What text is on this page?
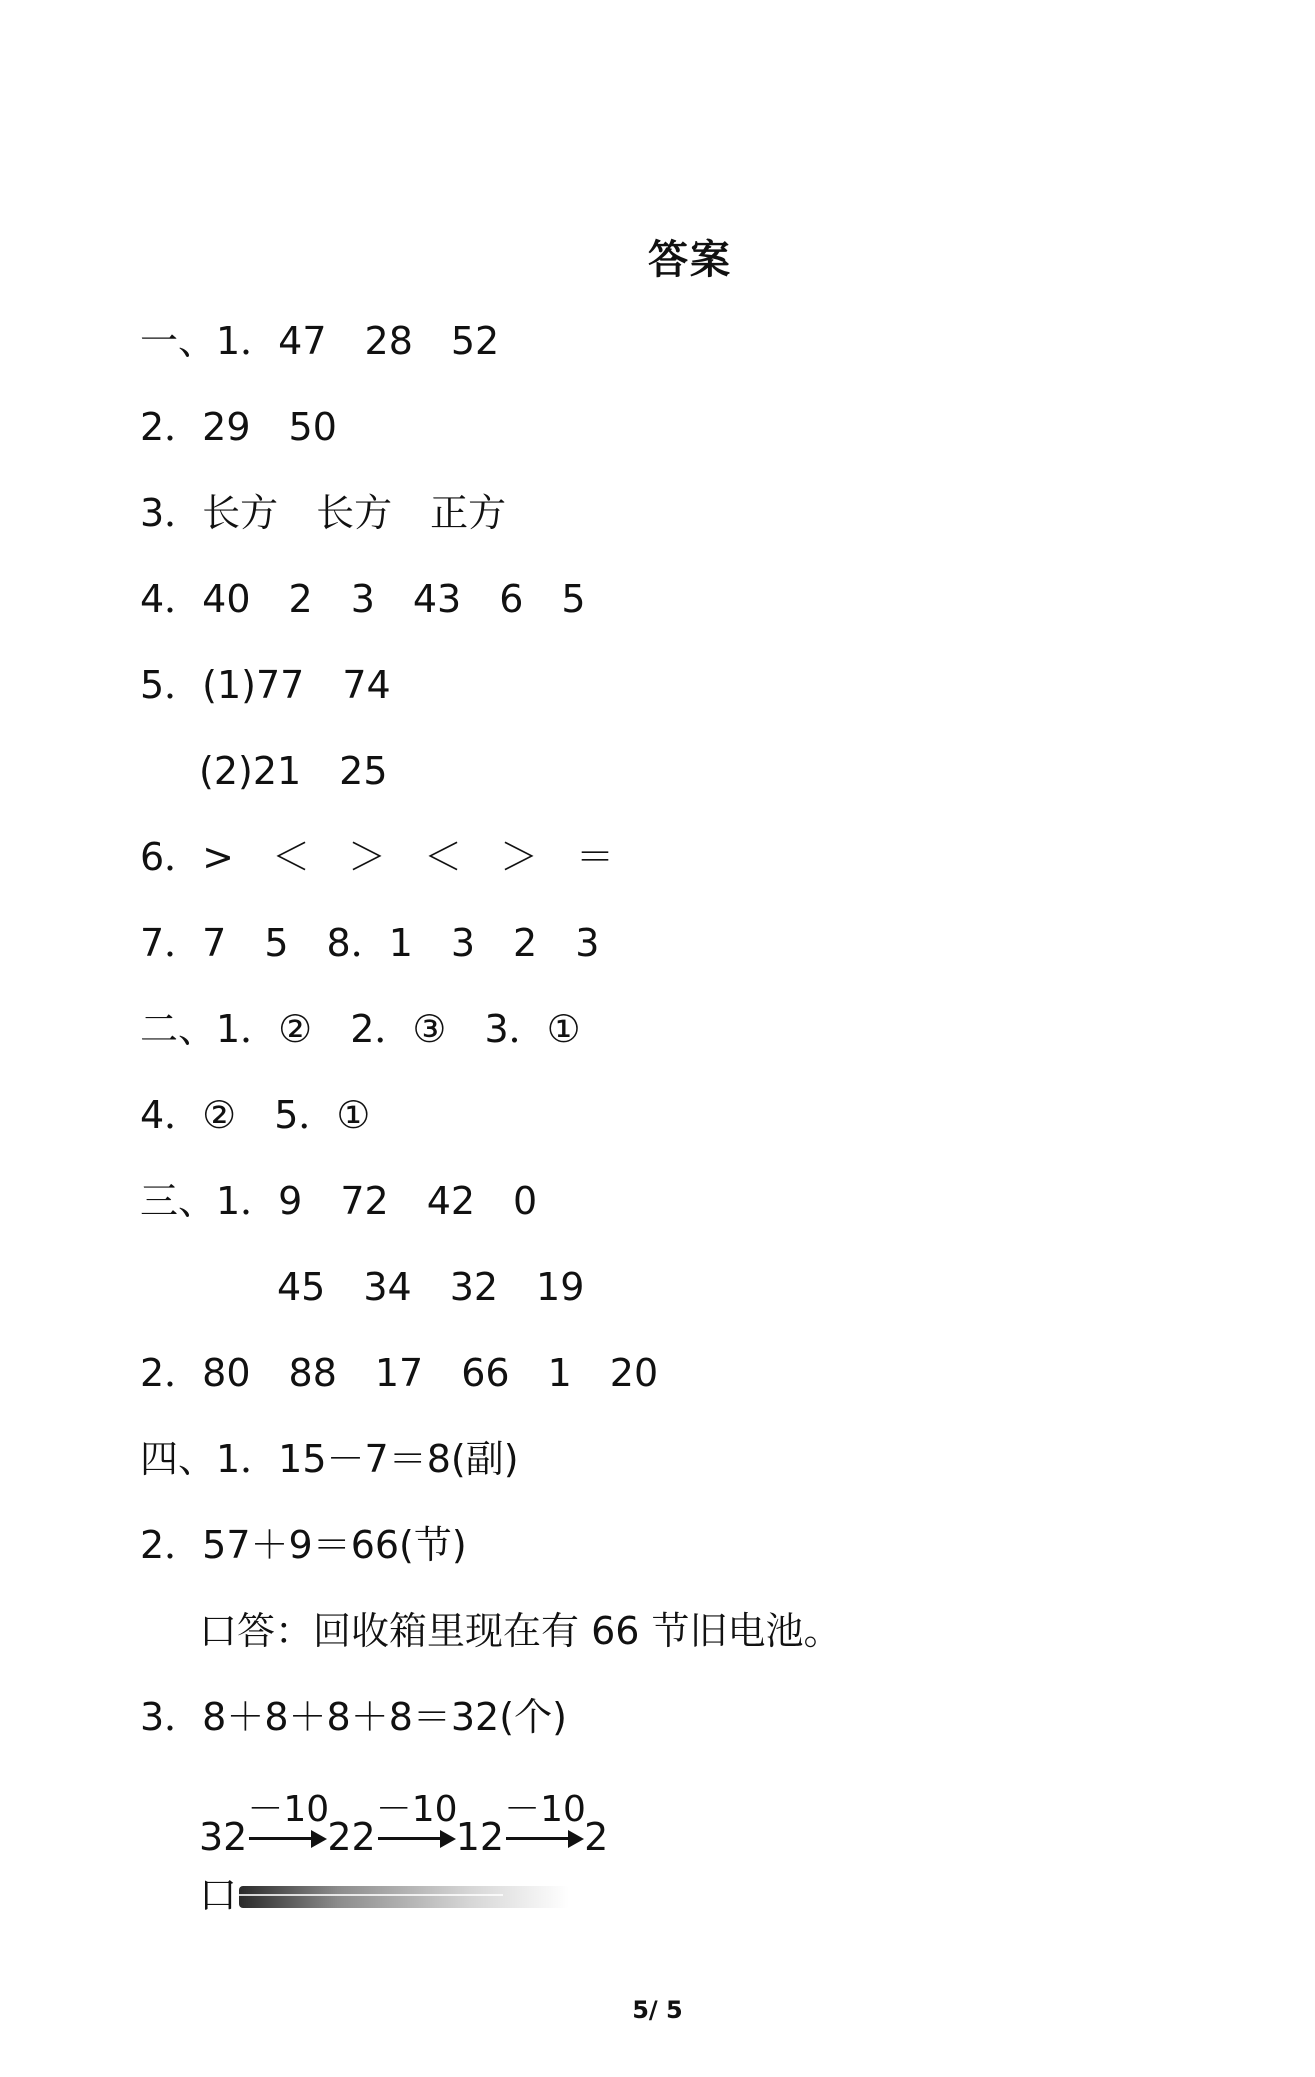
答案
一、1．47　28　52
2．29　50
3．长方　长方　正方
4．40　2　3　43　6　5
5．(1)77　74
(2)21　25
6．>　＜　＞　＜　＞　＝
7．7　5　8．1　3　2　3
二、1．②　2．③　3．①
4．②　5．①
三、1．9　72　42　0
45　34　32　19
2．80　88　17　66　1　20
四、1．15－7＝8(副)
2．57＋9＝66(节)
口答：回收箱里现在有 66 节旧电池。
3．8＋8＋8＋8＝32(个)
32
－10
22
－10
12
－10
2
口
5/ 5
